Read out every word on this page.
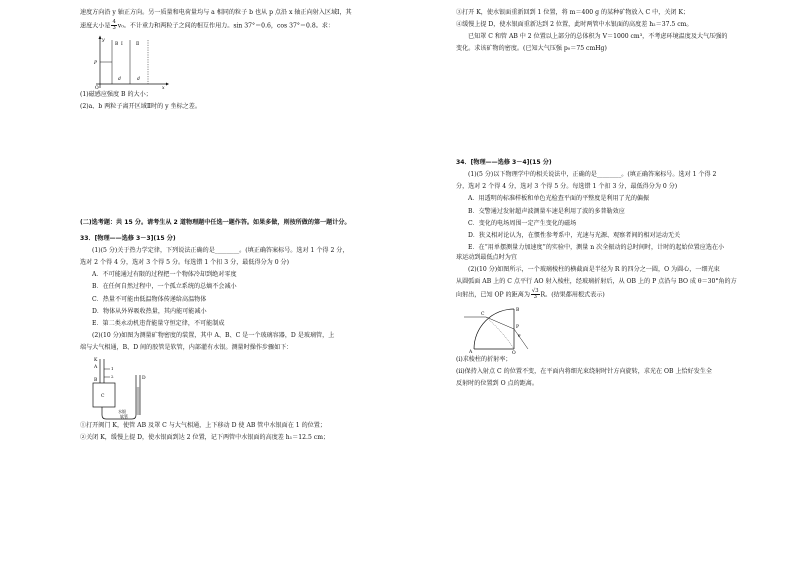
速度方向沿 y 轴正方向。另一质量和电荷量均与 a 相同的粒子 b 也从 p 点沿 x 轴正向射入区域Ⅰ，其
速度大小是 $\frac{4}{3} v_0$。不计重力和两粒子之间的相互作用力。sin 37°＝0.6，cos 37°＝0.8。求：
y
B Ⅰ	Ⅱ
d	d
O	x
P
(1)磁感应强度 B 的大小；
(2)a、b 两粒子离开区域Ⅱ时的 y 坐标之差。
(二)选考题：共 15 分。请考生从 2 道物理题中任选一题作答。如果多做，则按所做的第一题计分。
33．[物理——选修 3－3](15 分)
(1)(5 分)关于热力学定律，下列说法正确的是________。(填正确答案标号。选对 1 个得 2 分，
选对 2 个得 4 分，选对 3 个得 5 分。每选错 1 个扣 3 分，最低得分为 0 分)
A．不可能通过有限的过程把一个物体冷却到绝对零度
B．在任何自然过程中，一个孤立系统的总熵不会减小
C．热量不可能由低温物体传递给高温物体
D．物体从外界吸收热量，其内能可能减小
E．第二类永动机违背能量守恒定律，不可能制成
(2)(10 分)如图为测量矿物密度的装置，其中 A、B、C 是一个玻璃容器，D 是玻璃管，上
端与大气相通，B、D 间的胶管是软管，内部灌有水银。测量时操作步骤如下：
K
A	1
2
B
C
D
水银
软管
①打开阀门 K，使管 AB 及罩 C 与大气相通，上下移动 D 使 AB 管中水银面在 1 的位置；
②关闭 K，缓慢上提 D，使水银面到达 2 位置，记下两管中水银面的高度差 h₁＝12.5 cm；
③打开 K，使水银面重新回到 1 位置，将 m＝400 g 的某种矿物放入 C 中，关闭 K；
④缓慢上提 D，使水银面重新达到 2 位置，此时两管中水银面的高度差 h₂＝37.5 cm。
已知罩 C 和管 AB 中 2 位置以上部分的总体积为 V＝1000 cm³，不考虑环境温度及大气压强的
变化。求该矿物的密度。(已知大气压强 p₀＝75 cmHg)
34．[物理——选修 3－4](15 分)
(1)(5 分)以下物理学中的相关说法中，正确的是________。(填正确答案标号。选对 1 个得 2
分，选对 2 个得 4 分，选对 3 个得 5 分。每选错 1 个扣 3 分，最低得分为 0 分)
A．用透明的标准样板和单色光检查平面的平整度是利用了光的偏振
B．交警通过发射超声波测量车速是利用了波的多普勒效应
C．变化的电场周围一定产生变化的磁场
D．狭义相对论认为，在惯性参考系中，光速与光源、观察者间的相对运动无关
E．在“用单摆测量力加速度”的实验中，测量 n 次全振动的总时间时，计时的起始位置应选在小
球运动到最低点时为宜
(2)(10 分)如图所示，一个玻璃棱柱的横截面是半径为 R 的四分之一圆，O 为圆心，一细光束
从圆弧面 AB 上的 C 点平行 AO 射入棱柱，经玻璃折射后，从 OB 上的 P 点沿与 BO 成 θ＝30°角的方
向射出，已知 OP 的距离为 $\frac{√3}{3}$ R。(结果都用根式表示)
B
C
P
A	O
θ
(i)求棱柱的折射率；
(ii)保持入射点 C 的位置不变，在平面内将细光束绕射时针方向旋转，求光在 OB 上恰好发生全
反射时的位置到 O 点的距离。
